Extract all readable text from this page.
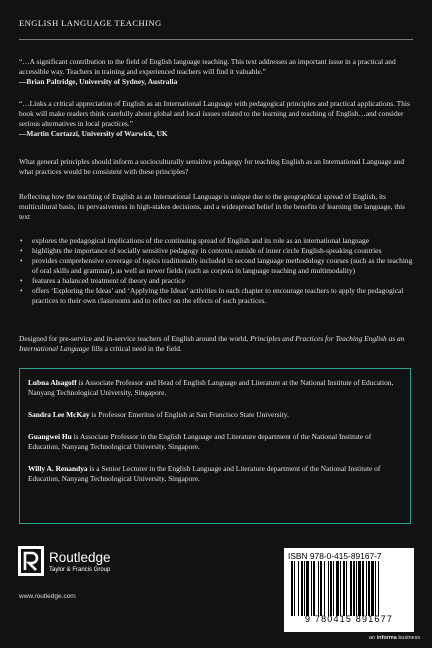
ENGLISH LANGUAGE TEACHING
“…A significant contribution to the field of English language teaching. This text addresses an important issue in a practical and accessible way. Teachers in training and experienced teachers will find it valuable.”
—Brian Paltridge, University of Sydney, Australia
“…Links a critical appreciation of English as an International Language with pedagogical principles and practical applications. This book will make readers think carefully about global and local issues related to the learning and teaching of English…and consider serious alternatives in local practices.”
—Martin Cortazzi, University of Warwick, UK
What general principles should inform a socioculturally sensitive pedagogy for teaching English as an International Language and what practices would be consistent with these principles?
Reflecting how the teaching of English as an International Language is unique due to the geographical spread of English, its multicultural basis, its pervasiveness in high-stakes decisions, and a widespread belief in the benefits of learning the language, this text
• explores the pedagogical implications of the continuing spread of English and its role as an international language
• highlights the importance of socially sensitive pedagogy in contexts outside of inner circle English-speaking countries
• provides comprehensive coverage of topics traditionally included in second language methodology courses (such as the teaching of oral skills and grammar), as well as newer fields (such as corpora in language teaching and multimodality)
• features a balanced treatment of theory and practice
• offers ‘Exploring the Ideas’ and ‘Applying the Ideas’ activities in each chapter to encourage teachers to apply the pedagogical practices to their own classrooms and to reflect on the effects of such practices.
Designed for pre-service and in-service teachers of English around the world, Principles and Practices for Teaching English as an International Language fills a critical need in the field.
Lubna Alsagoff is Associate Professor and Head of English Language and Literature at the National Institute of Education, Nanyang Technological University, Singapore.
Sandra Lee McKay is Professor Emeritus of English at San Francisco State University.
Guangwei Hu is Associate Professor in the English Language and Literature department of the National Institute of Education, Nanyang Technological University, Singapore.
Willy A. Renandya is a Senior Lecturer in the English Language and Literature department of the National Institute of Education, Nanyang Technological University, Singapore.
Routledge
Taylor & Francis Group
www.routledge.com
ISBN 978-0-415-89167-7
9 780415 891677
an informa business
